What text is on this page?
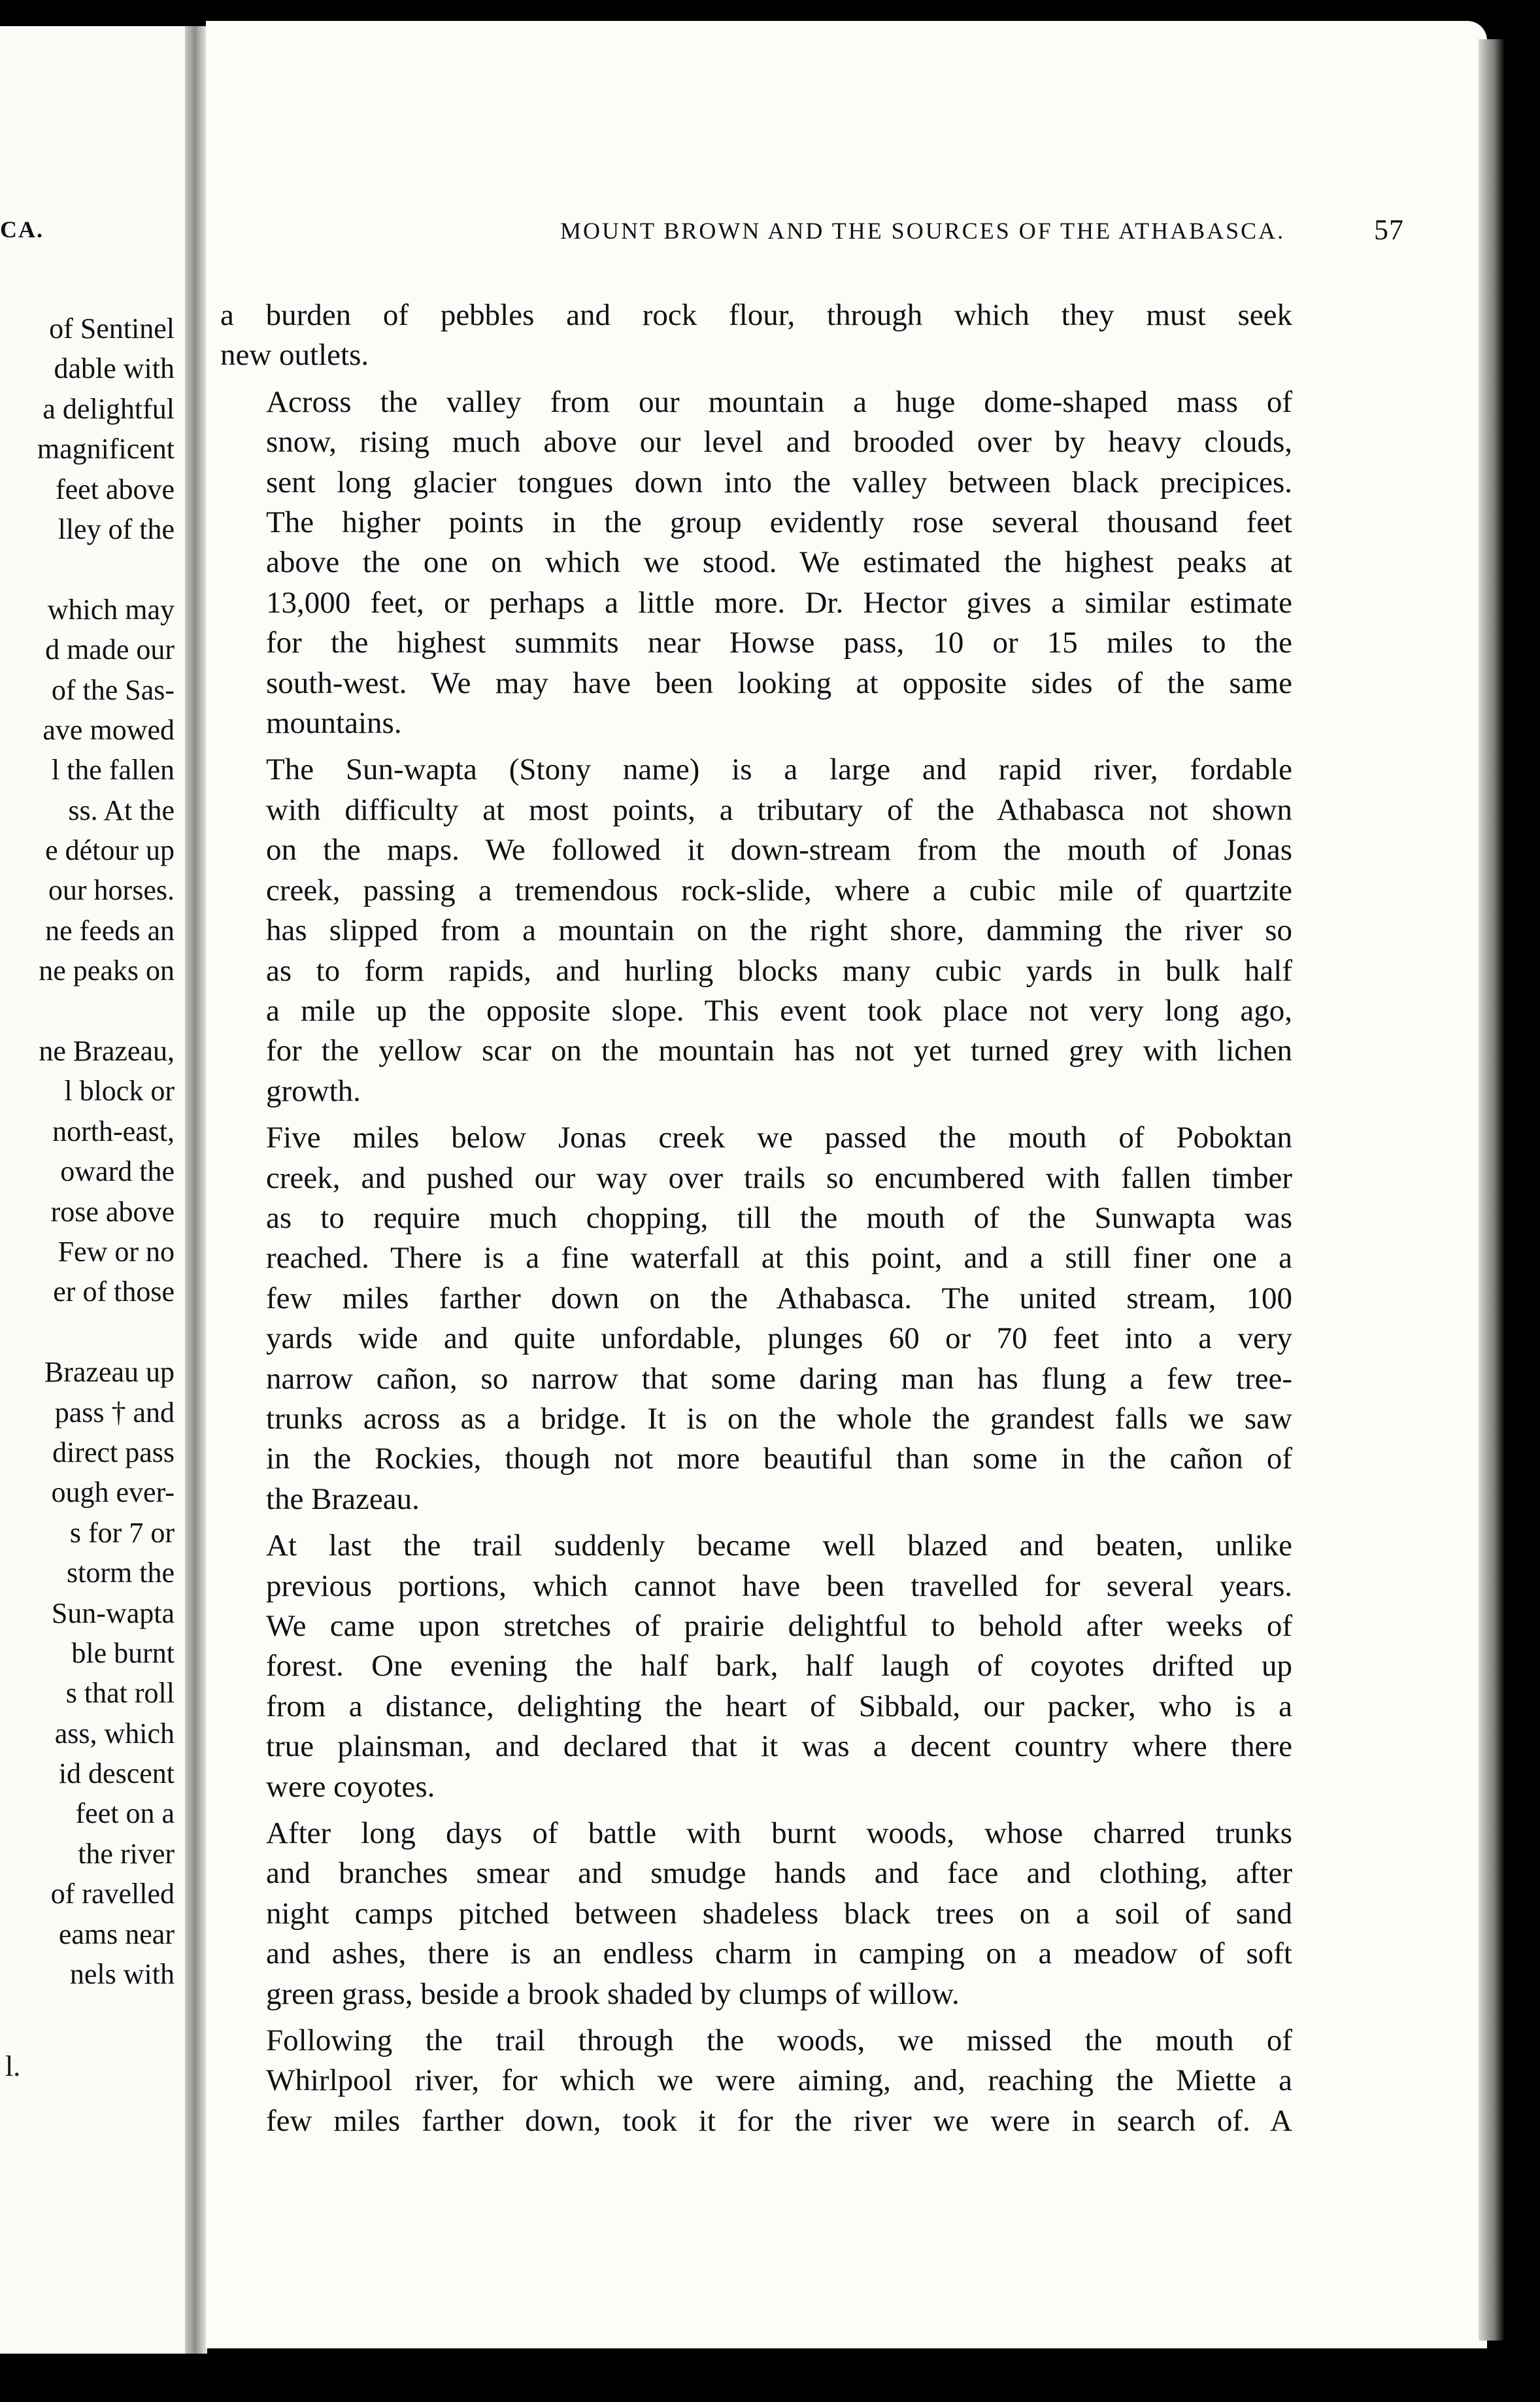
CA.
of Sentinel
dable with
a delightful
magnificent
feet above
lley of the
which may
d made our
of the Sas-
ave mowed
l the fallen
ss. At the
e détour up
our horses.
ne feeds an
ne peaks on
ne Brazeau,
l block or
north-east,
oward the
rose above
Few or no
er of those
Brazeau up
pass † and
direct pass
ough ever-
s for 7 or
storm the
Sun-wapta
ble burnt
s that roll
ass, which
id descent
feet on a
the river
of ravelled
eams near
nels with
l.
MOUNT BROWN AND THE SOURCES OF THE ATHABASCA.	57

a burden of pebbles and rock flour, through which they must seek
new outlets.

Across the valley from our mountain a huge dome-shaped mass of
snow, rising much above our level and brooded over by heavy clouds,
sent long glacier tongues down into the valley between black precipices.
The higher points in the group evidently rose several thousand feet
above the one on which we stood. We estimated the highest peaks at
13,000 feet, or perhaps a little more. Dr. Hector gives a similar estimate
for the highest summits near Howse pass, 10 or 15 miles to the
south-west. We may have been looking at opposite sides of the same
mountains.

The Sun-wapta (Stony name) is a large and rapid river, fordable
with difficulty at most points, a tributary of the Athabasca not shown
on the maps. We followed it down-stream from the mouth of Jonas
creek, passing a tremendous rock-slide, where a cubic mile of quartzite
has slipped from a mountain on the right shore, damming the river so
as to form rapids, and hurling blocks many cubic yards in bulk half
a mile up the opposite slope. This event took place not very long ago,
for the yellow scar on the mountain has not yet turned grey with lichen
growth.

Five miles below Jonas creek we passed the mouth of Poboktan
creek, and pushed our way over trails so encumbered with fallen timber
as to require much chopping, till the mouth of the Sunwapta was
reached. There is a fine waterfall at this point, and a still finer one a
few miles farther down on the Athabasca. The united stream, 100
yards wide and quite unfordable, plunges 60 or 70 feet into a very
narrow cañon, so narrow that some daring man has flung a few tree-
trunks across as a bridge. It is on the whole the grandest falls we saw
in the Rockies, though not more beautiful than some in the cañon of
the Brazeau.

At last the trail suddenly became well blazed and beaten, unlike
previous portions, which cannot have been travelled for several years.
We came upon stretches of prairie delightful to behold after weeks of
forest. One evening the half bark, half laugh of coyotes drifted up
from a distance, delighting the heart of Sibbald, our packer, who is a
true plainsman, and declared that it was a decent country where there
were coyotes.

After long days of battle with burnt woods, whose charred trunks
and branches smear and smudge hands and face and clothing, after
night camps pitched between shadeless black trees on a soil of sand
and ashes, there is an endless charm in camping on a meadow of soft
green grass, beside a brook shaded by clumps of willow.

Following the trail through the woods, we missed the mouth of
Whirlpool river, for which we were aiming, and, reaching the Miette a
few miles farther down, took it for the river we were in search of. A
